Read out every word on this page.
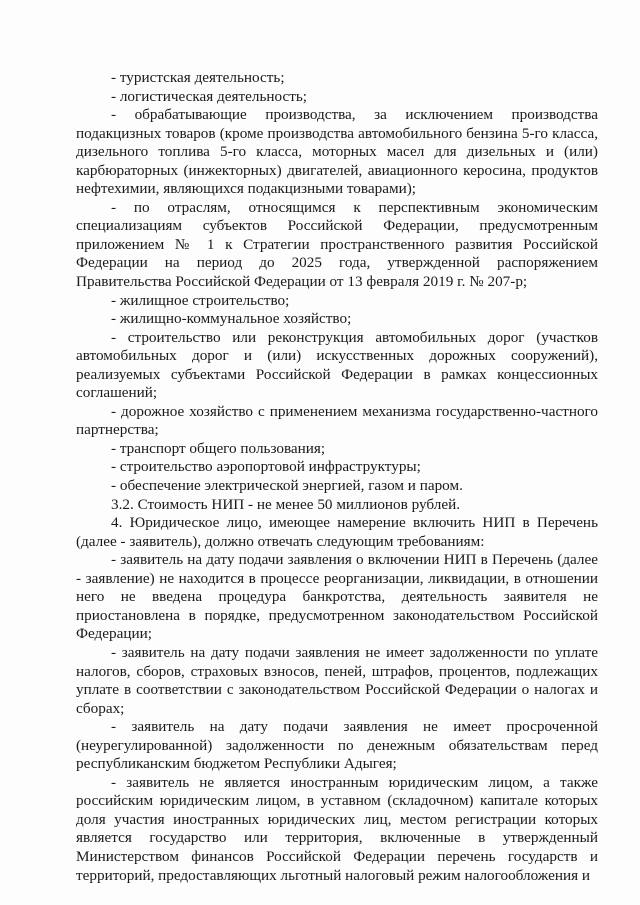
- туристская деятельность;

- логистическая деятельность;

- обрабатывающие производства, за исключением производства подакцизных товаров (кроме производства автомобильного бензина 5-го класса, дизельного топлива 5-го класса, моторных масел для дизельных и (или) карбюраторных (инжекторных) двигателей, авиационного керосина, продуктов нефтехимии, являющихся подакцизными товарами);

- по отраслям, относящимся к перспективным экономическим специализациям субъектов Российской Федерации, предусмотренным приложением № 1 к Стратегии пространственного развития Российской Федерации на период до 2025 года, утвержденной распоряжением Правительства Российской Федерации от 13 февраля 2019 г. № 207-р;

- жилищное строительство;

- жилищно-коммунальное хозяйство;

- строительство или реконструкция автомобильных дорог (участков автомобильных дорог и (или) искусственных дорожных сооружений), реализуемых субъектами Российской Федерации в рамках концессионных соглашений;

- дорожное хозяйство с применением механизма государственно-частного партнерства;

- транспорт общего пользования;

- строительство аэропортовой инфраструктуры;

- обеспечение электрической энергией, газом и паром.

3.2. Стоимость НИП - не менее 50 миллионов рублей.

4. Юридическое лицо, имеющее намерение включить НИП в Перечень (далее - заявитель), должно отвечать следующим требованиям:

- заявитель на дату подачи заявления о включении НИП в Перечень (далее - заявление) не находится в процессе реорганизации, ликвидации, в отношении него не введена процедура банкротства, деятельность заявителя не приостановлена в порядке, предусмотренном законодательством Российской Федерации;

- заявитель на дату подачи заявления не имеет задолженности по уплате налогов, сборов, страховых взносов, пеней, штрафов, процентов, подлежащих уплате в соответствии с законодательством Российской Федерации о налогах и сборах;

- заявитель на дату подачи заявления не имеет просроченной (неурегулированной) задолженности по денежным обязательствам перед республиканским бюджетом Республики Адыгея;

- заявитель не является иностранным юридическим лицом, а также российским юридическим лицом, в уставном (складочном) капитале которых доля участия иностранных юридических лиц, местом регистрации которых является государство или территория, включенные в утвержденный Министерством финансов Российской Федерации перечень государств и территорий, предоставляющих льготный налоговый режим налогообложения и
